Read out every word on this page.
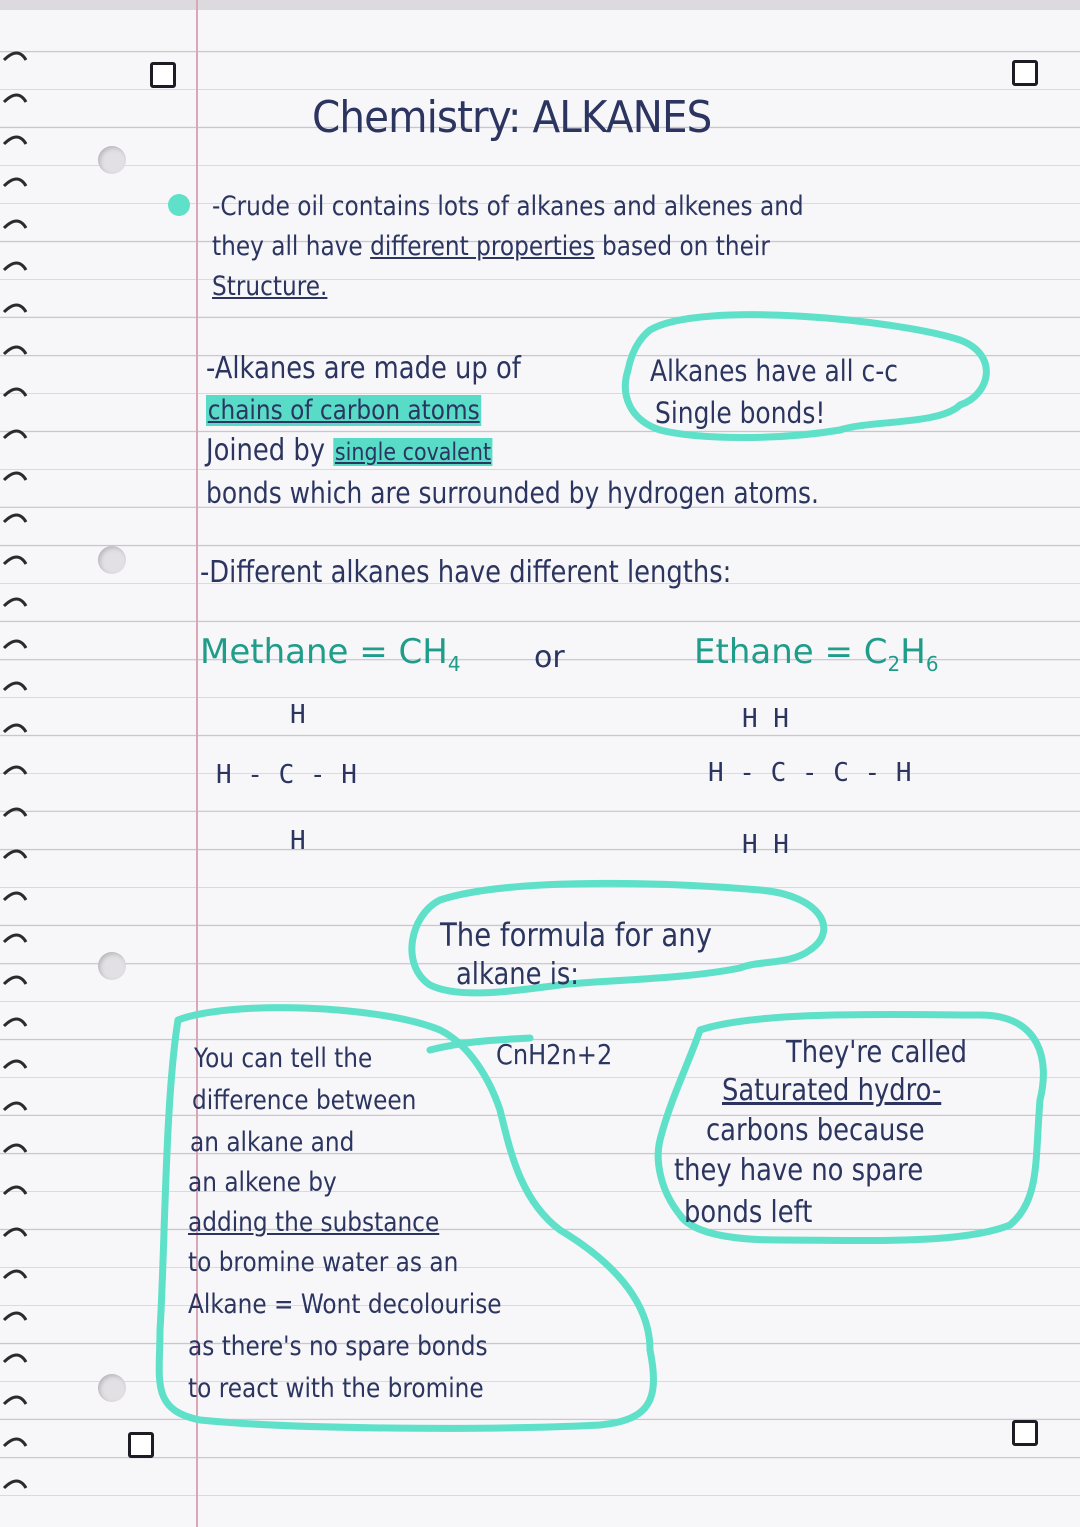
Chemistry: ALKANES
-Crude oil contains lots of alkanes and alkenes and
they all have different properties based on their
Structure.
-Alkanes are made up of
chains of carbon atoms
Joined by single covalent
bonds which are surrounded by hydrogen atoms.
Alkanes have all c-c
Single bonds!
-Different alkanes have different lengths:
Methane = $CH_4$ or	Ethane = $C_2H_6$
H
H - C - H
H
H H
H - C - C - H
H H
The formula for any
alkane is:
CnH2n+2
You can tell the
difference between
an alkane and
an alkene by
adding the substance
to bromine water as an
Alkane = Wont decolourise
as there's no spare bonds
to react with the bromine
They're called
Saturated hydro-
carbons because
they have no spare
bonds left
